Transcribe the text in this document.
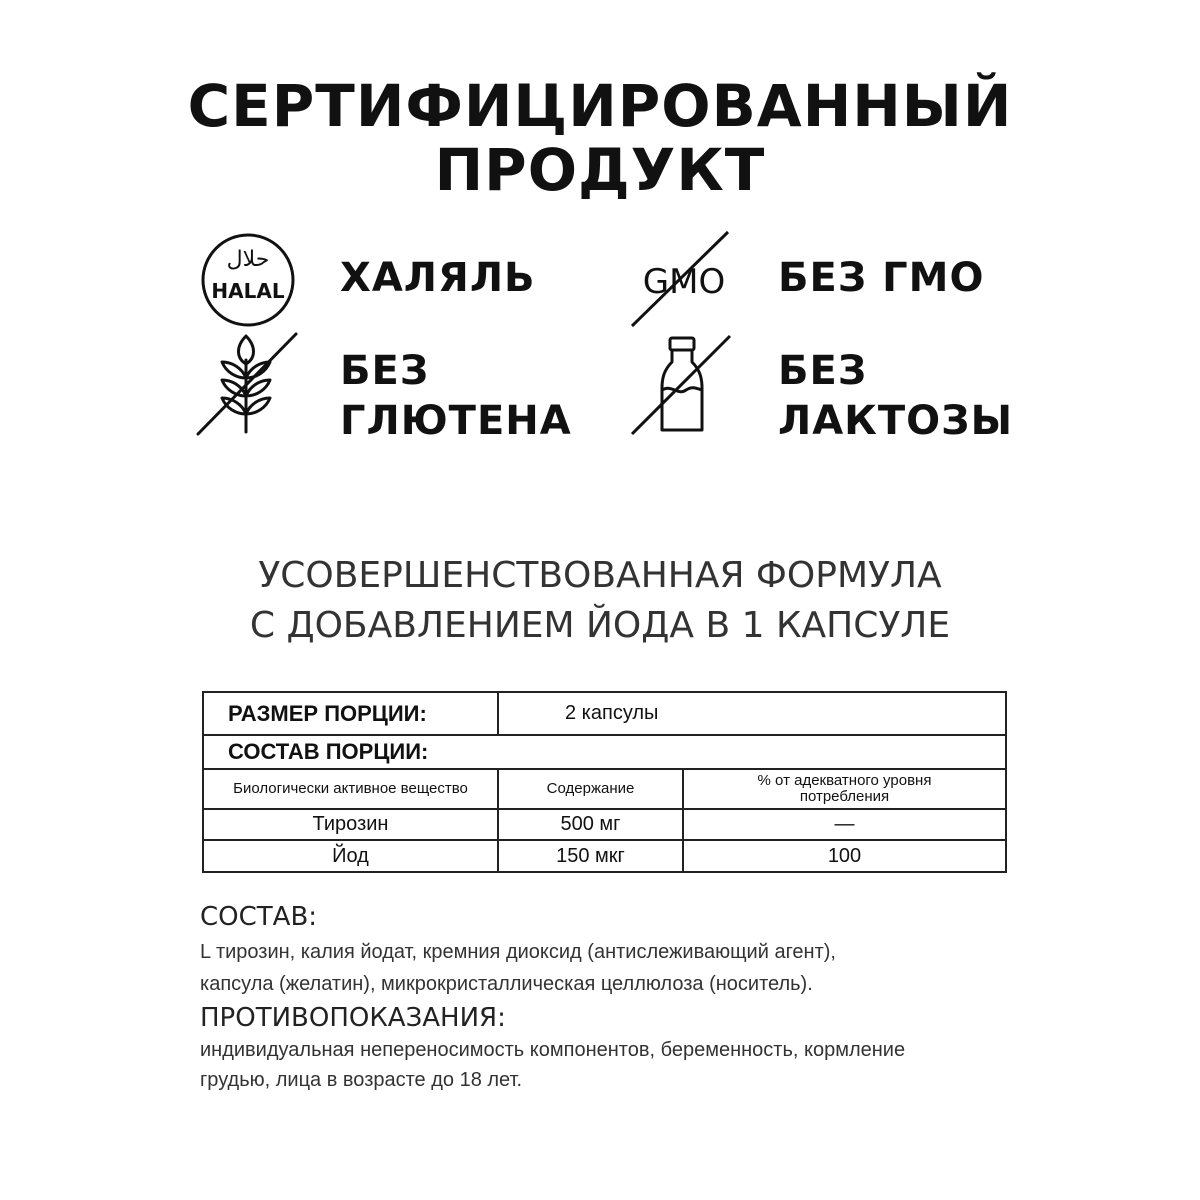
СЕРТИФИЦИРОВАННЫЙ
ПРОДУКТ
حلال
HALAL ХАЛЯЛЬ	GMO БЕЗ ГМО
БЕЗ
ГЛЮТЕНА
БЕЗ
ЛАКТОЗЫ
УСОВЕРШЕНСТВОВАННАЯ ФОРМУЛА
С ДОБАВЛЕНИЕМ ЙОДА В 1 КАПСУЛЕ
РАЗМЕР ПОРЦИИ:	2 капсулы	
СОСТАВ ПОРЦИИ:		
Биологически активное вещество	Содержание	% от адекватного уровня потребления
Тирозин	500 мг	—
Йод	150 мкг	100
СОСТАВ:
L тирозин, калия йодат, кремния диоксид (антислеживающий агент),
капсула (желатин), микрокристаллическая целлюлоза (носитель).
ПРОТИВОПОКАЗАНИЯ:
индивидуальная непереносимость компонентов, беременность, кормление
грудью, лица в возрасте до 18 лет.
